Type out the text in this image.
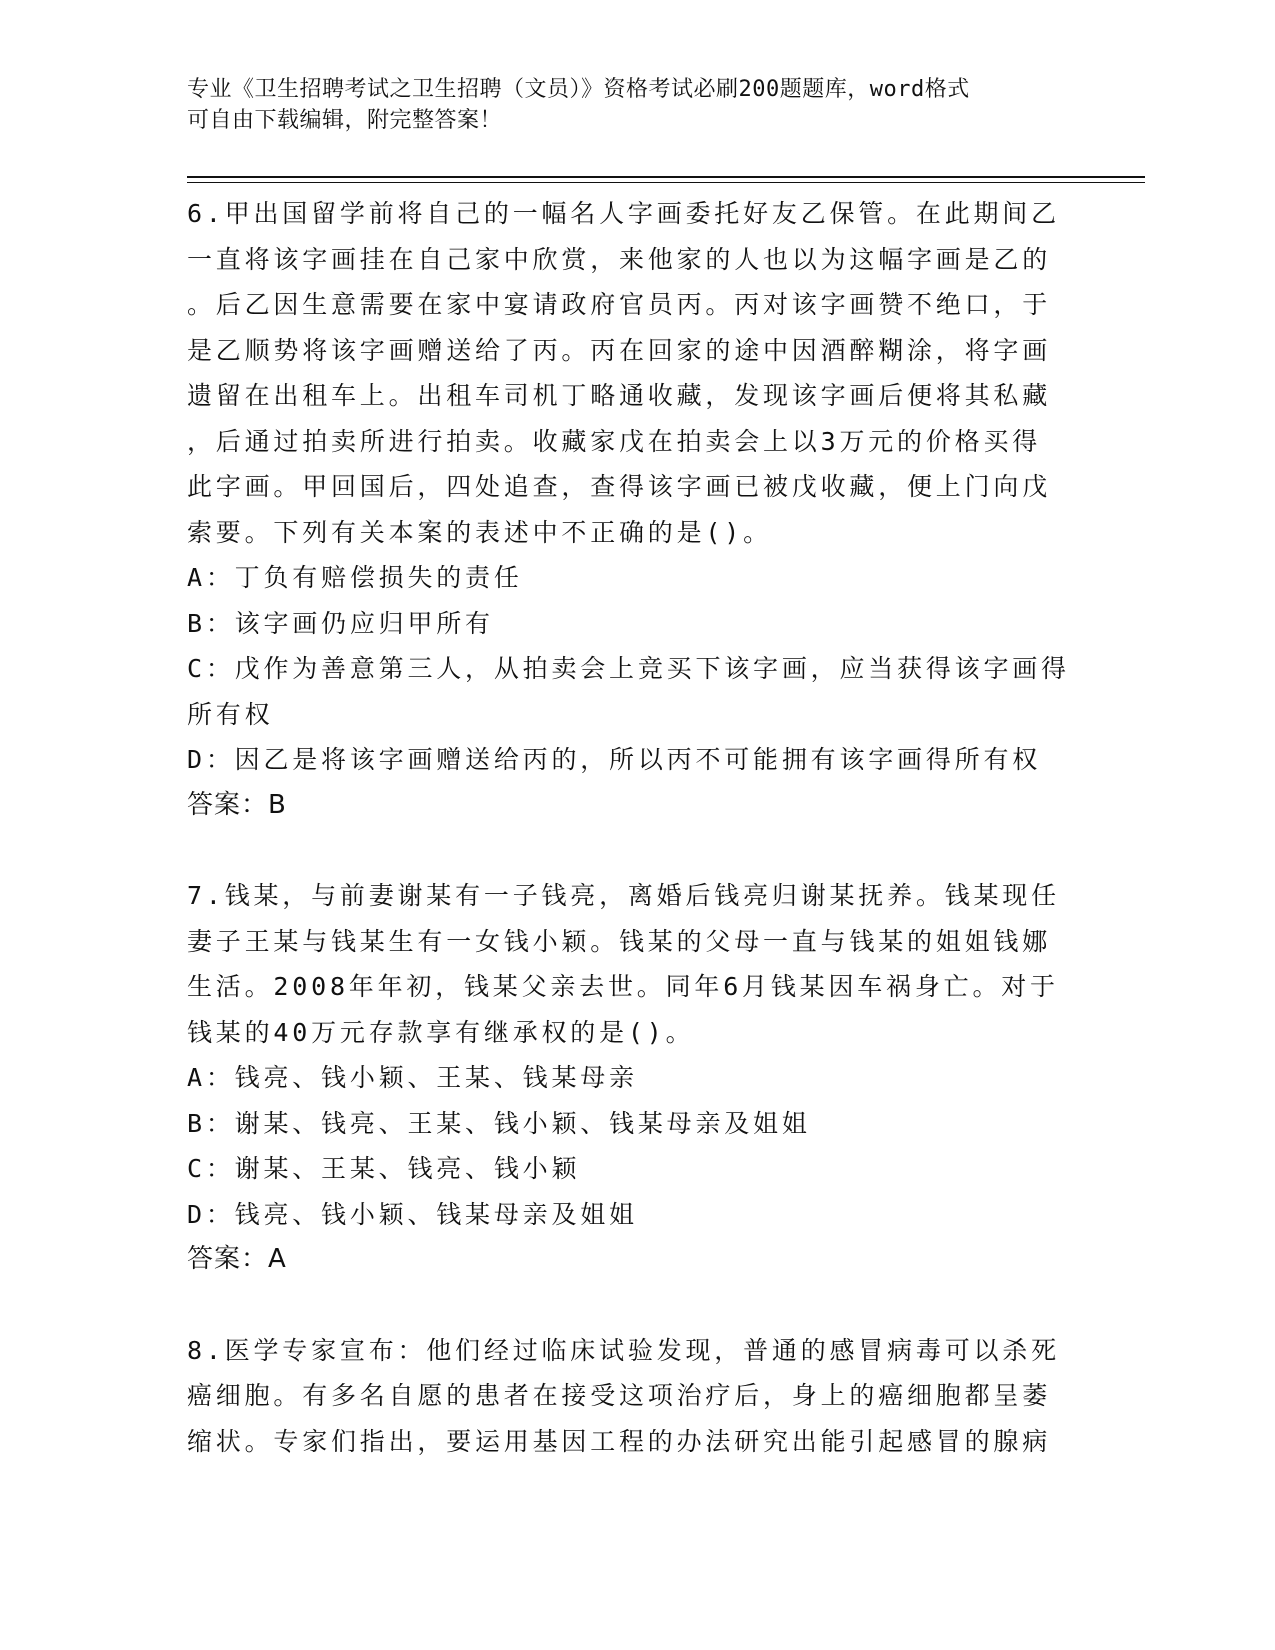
专业《卫生招聘考试之卫生招聘（文员）》资格考试必刷200题题库，word格式
可自由下载编辑，附完整答案！
6.甲出国留学前将自己的一幅名人字画委托好友乙保管。在此期间乙
一直将该字画挂在自己家中欣赏，来他家的人也以为这幅字画是乙的
。后乙因生意需要在家中宴请政府官员丙。丙对该字画赞不绝口，于
是乙顺势将该字画赠送给了丙。丙在回家的途中因酒醉糊涂，将字画
遗留在出租车上。出租车司机丁略通收藏，发现该字画后便将其私藏
，后通过拍卖所进行拍卖。收藏家戊在拍卖会上以3万元的价格买得
此字画。甲回国后，四处追查，查得该字画已被戊收藏，便上门向戊
索要。下列有关本案的表述中不正确的是()。
A：丁负有赔偿损失的责任
B：该字画仍应归甲所有
C：戊作为善意第三人，从拍卖会上竞买下该字画，应当获得该字画得
所有权
D：因乙是将该字画赠送给丙的，所以丙不可能拥有该字画得所有权
答案：B
7.钱某，与前妻谢某有一子钱亮，离婚后钱亮归谢某抚养。钱某现任
妻子王某与钱某生有一女钱小颖。钱某的父母一直与钱某的姐姐钱娜
生活。2008年年初，钱某父亲去世。同年6月钱某因车祸身亡。对于
钱某的40万元存款享有继承权的是()。
A：钱亮、钱小颖、王某、钱某母亲
B：谢某、钱亮、王某、钱小颖、钱某母亲及姐姐
C：谢某、王某、钱亮、钱小颖
D：钱亮、钱小颖、钱某母亲及姐姐
答案：A
8.医学专家宣布：他们经过临床试验发现，普通的感冒病毒可以杀死
癌细胞。有多名自愿的患者在接受这项治疗后，身上的癌细胞都呈萎
缩状。专家们指出，要运用基因工程的办法研究出能引起感冒的腺病
